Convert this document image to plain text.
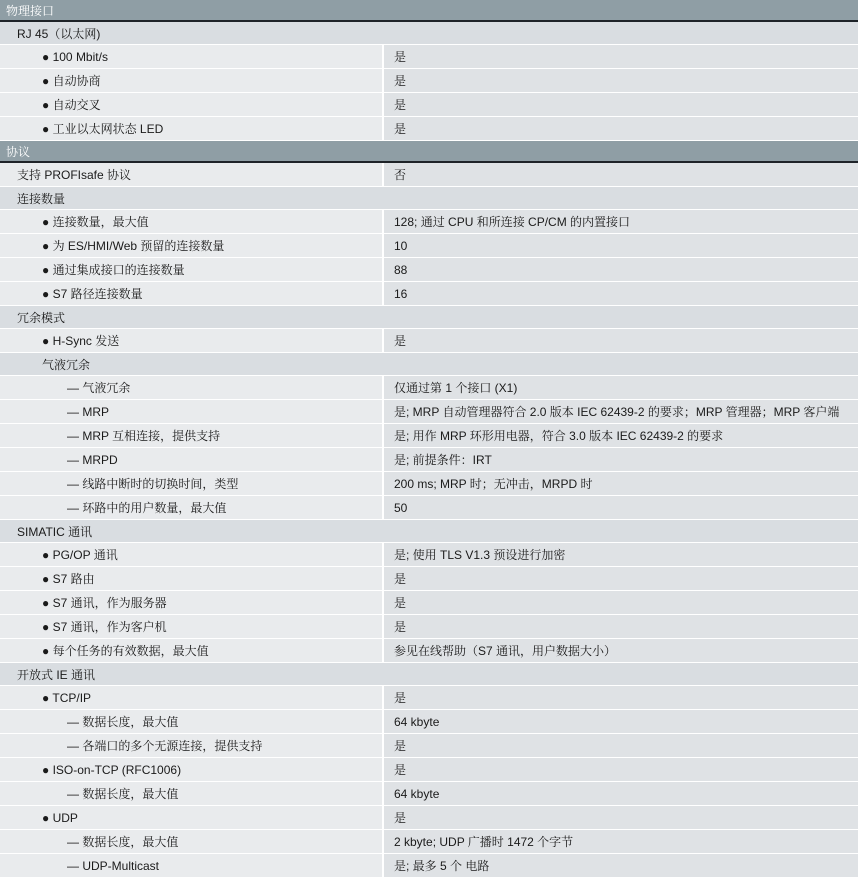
物理接口
RJ 45（以太网)
● 100 Mbit/s	是
● 自动协商	是
● 自动交叉	是
● 工业以太网状态 LED	是
协议
支持 PROFIsafe 协议	否
连接数量
● 连接数量，最大值	128; 通过 CPU 和所连接 CP/CM 的内置接口
● 为 ES/HMI/Web 预留的连接数量	10
● 通过集成接口的连接数量	88
● S7 路径连接数量	16
冗余模式
● H-Sync 发送	是
气液冗余
— 气液冗余	仅通过第 1 个接口 (X1)
— MRP	是; MRP 自动管理器符合 2.0 版本 IEC 62439-2 的要求；MRP 管理器；MRP 客户端
— MRP 互相连接，提供支持	是; 用作 MRP 环形用电器，符合 3.0 版本 IEC 62439-2 的要求
— MRPD	是; 前提条件：IRT
— 线路中断时的切换时间，类型	200 ms; MRP 时；无冲击，MRPD 时
— 环路中的用户数量，最大值	50
SIMATIC 通讯
● PG/OP 通讯	是; 使用 TLS V1.3 预设进行加密
● S7 路由	是
● S7 通讯，作为服务器	是
● S7 通讯，作为客户机	是
● 每个任务的有效数据，最大值	参见在线帮助（S7 通讯，用户数据大小）
开放式 IE 通讯
● TCP/IP	是
— 数据长度，最大值	64 kbyte
— 各端口的多个无源连接，提供支持	是
● ISO-on-TCP (RFC1006)	是
— 数据长度，最大值	64 kbyte
● UDP	是
— 数据长度，最大值	2 kbyte; UDP 广播时 1472 个字节
— UDP-Multicast	是; 最多 5 个 电路
